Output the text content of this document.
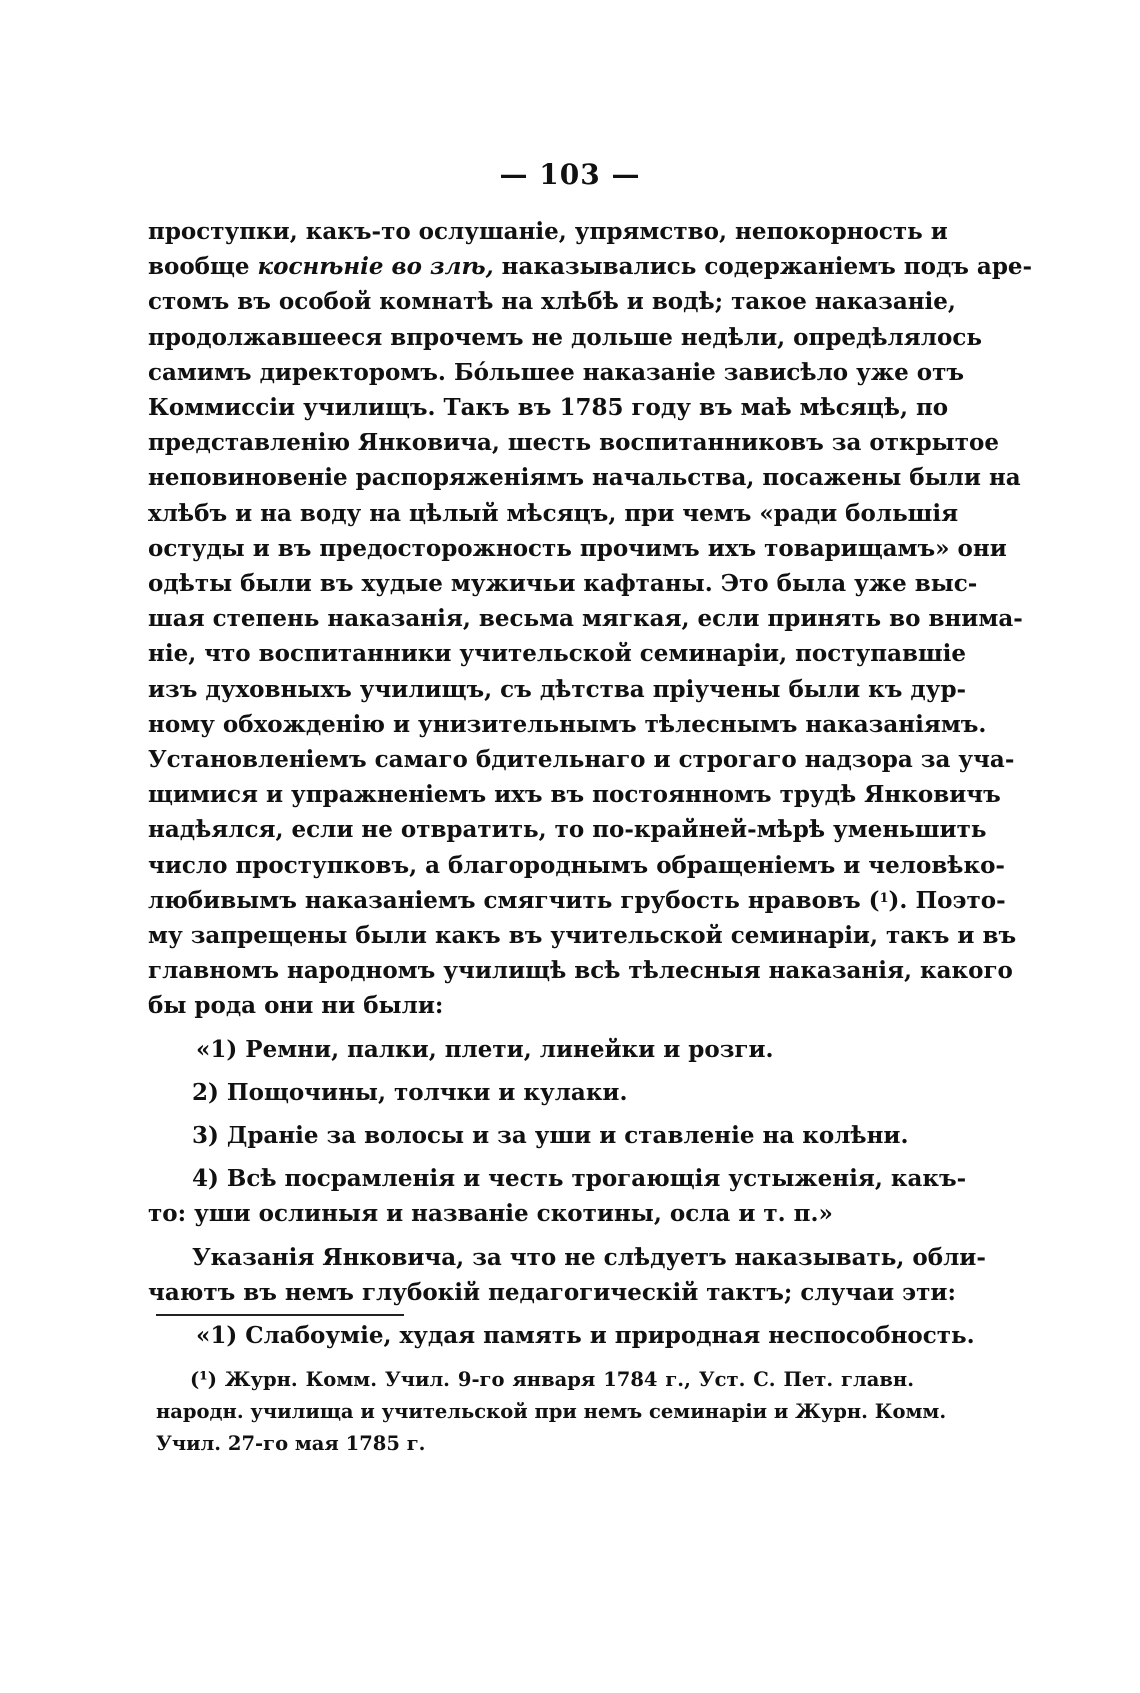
— 103 —
проступки, какъ-то ослушаніе, упрямство, непокорность и
вообще коснѣніе во злѣ, наказывались содержаніемъ подъ аре-
стомъ въ особой комнатѣ на хлѣбѣ и водѣ; такое наказаніе,
продолжавшееся впрочемъ не дольше недѣли, опредѣлялось
самимъ директоромъ. Бо́льшее наказаніе зависѣло уже отъ
Коммиссіи училищъ. Такъ въ 1785 году въ маѣ мѣсяцѣ, по
представленію Янковича, шесть воспитанниковъ за открытое
неповиновеніе распоряженіямъ начальства, посажены были на
хлѣбъ и на воду на цѣлый мѣсяцъ, при чемъ «ради большія
остуды и въ предосторожность прочимъ ихъ товарищамъ» они
одѣты были въ худые мужичьи кафтаны. Это была уже выс-
шая степень наказанія, весьма мягкая, если принять во внима-
ніе, что воспитанники учительской семинаріи, поступавшіе
изъ духовныхъ училищъ, съ дѣтства пріучены были къ дур-
ному обхожденію и унизительнымъ тѣлеснымъ наказаніямъ.
Установленіемъ самаго бдительнаго и строгаго надзора за уча-
щимися и упражненіемъ ихъ въ постоянномъ трудѣ Янковичъ
надѣялся, если не отвратить, то по-крайней-мѣрѣ уменьшить
число проступковъ, а благороднымъ обращеніемъ и человѣко-
любивымъ наказаніемъ смягчить грубость нравовъ ($^1$). Поэто-
му запрещены были какъ въ учительской семинаріи, такъ и въ
главномъ народномъ училищѣ всѣ тѣлесныя наказанія, какого
бы рода они ни были:
«1) Ремни, палки, плети, линейки и розги.
2) Пощочины, толчки и кулаки.
3) Драніе за волосы и за уши и ставленіе на колѣни.
4) Всѣ посрамленія и честь трогающія устыженія, какъ-
то: уши ослиныя и названіе скотины, осла и т. п.»
Указанія Янковича, за что не слѣдуетъ наказывать, обли-
чаютъ въ немъ глубокій педагогическій тактъ; случаи эти:
«1) Слабоуміе, худая память и природная неспособность.
(¹) Журн. Комм. Учил. 9-го января 1784 г., Уст. С. Пет. главн.
народн. училища и учительской при немъ семинаріи и Журн. Комм.
Учил. 27-го мая 1785 г.
